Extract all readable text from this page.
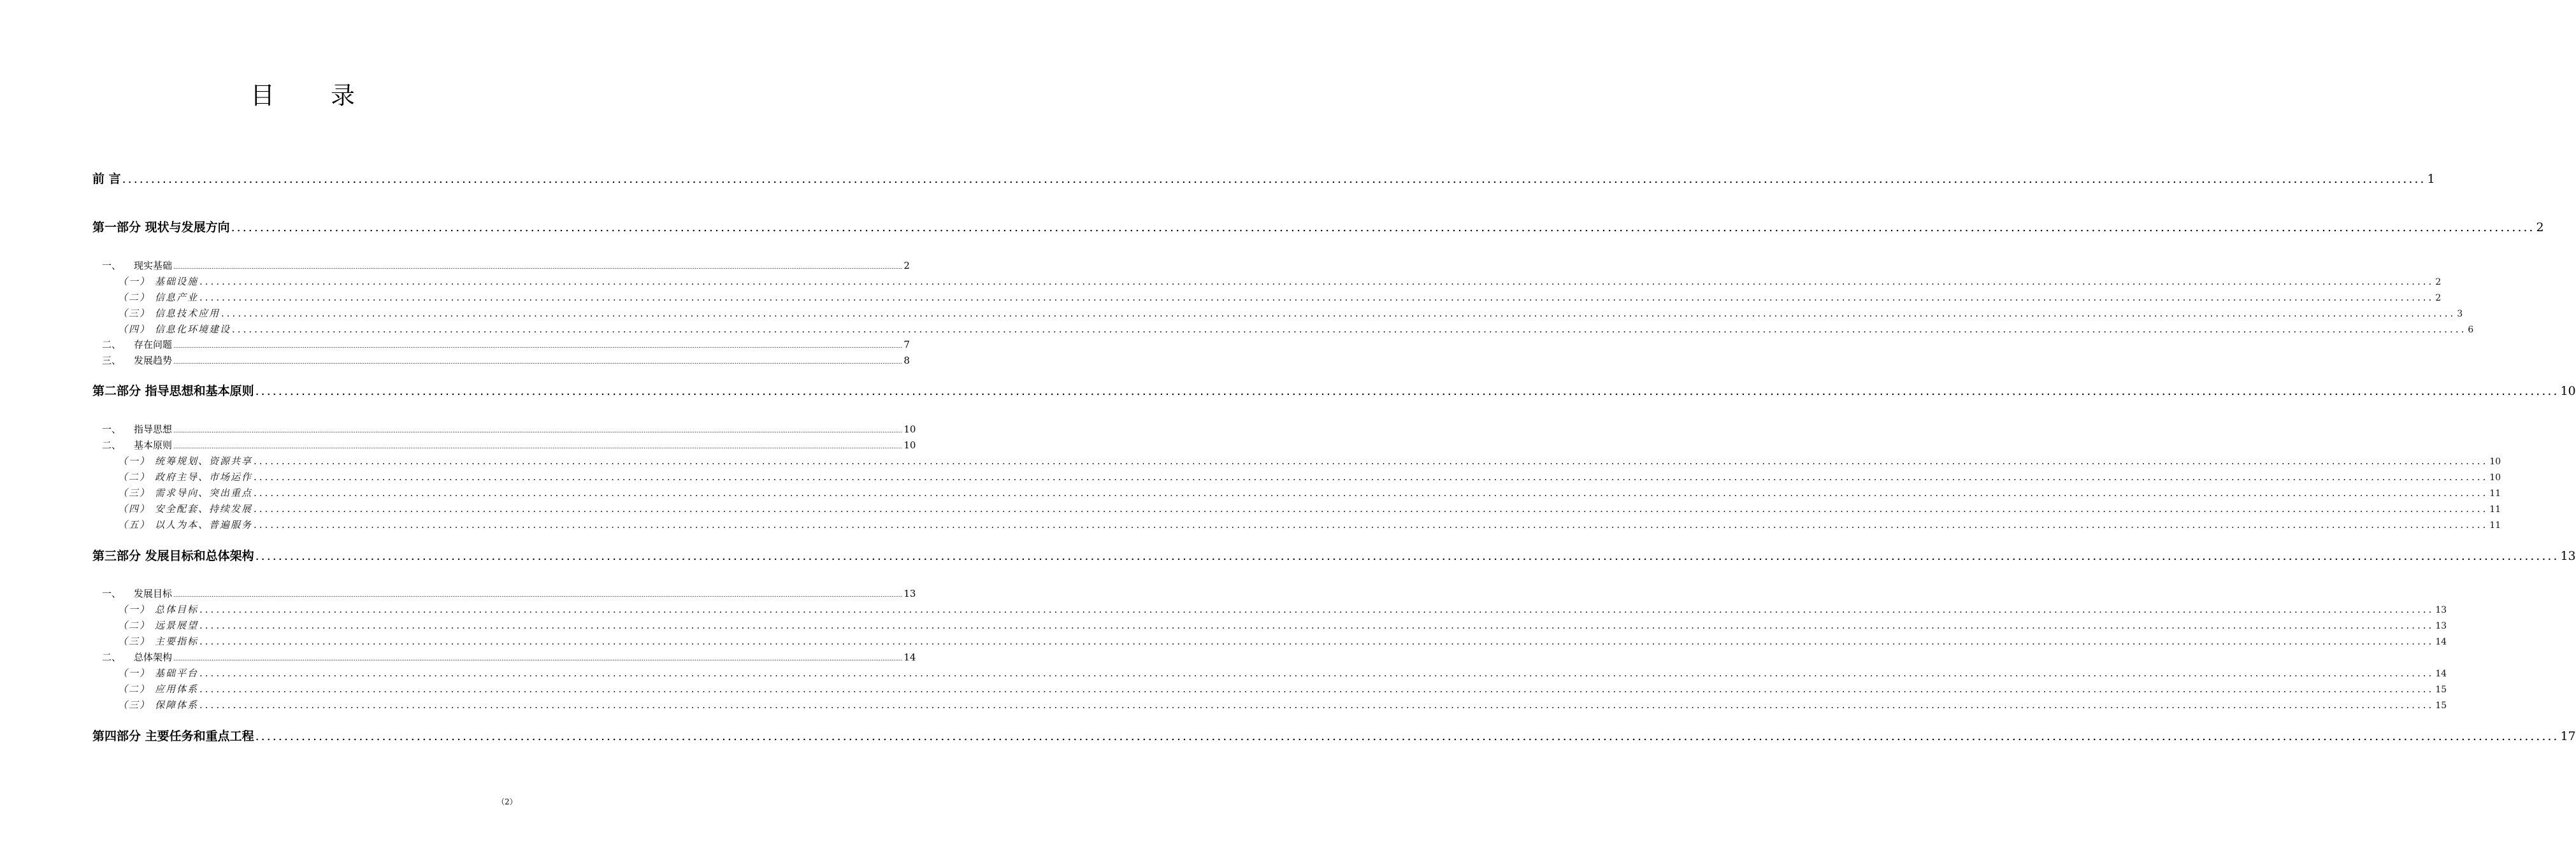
目 录
前 言 ................................................................................................................................................................................................................................................................................................................................................................................................................ 1
第一部分 现状与发展方向 ................................................................................................................................................................................................................................................................................................................................................................................................................ 2
一、 现实基础 ................................................................................................................................................................................................................................................................................................................................................................................................................ 2
（一） 基础设施 ................................................................................................................................................................................................................................................................................................................................................................................................................ 2
（二） 信息产业 ................................................................................................................................................................................................................................................................................................................................................................................................................ 2
（三） 信息技术应用 ................................................................................................................................................................................................................................................................................................................................................................................................................ 3
（四） 信息化环境建设 ................................................................................................................................................................................................................................................................................................................................................................................................................ 6
二、 存在问题 ................................................................................................................................................................................................................................................................................................................................................................................................................ 7
三、 发展趋势 ................................................................................................................................................................................................................................................................................................................................................................................................................ 8
第二部分 指导思想和基本原则 ................................................................................................................................................................................................................................................................................................................................................................................................................ 10
一、 指导思想 ................................................................................................................................................................................................................................................................................................................................................................................................................ 10
二、 基本原则 ................................................................................................................................................................................................................................................................................................................................................................................................................ 10
（一） 统筹规划、资源共享 ................................................................................................................................................................................................................................................................................................................................................................................................................ 10
（二） 政府主导、市场运作 ................................................................................................................................................................................................................................................................................................................................................................................................................ 10
（三） 需求导向、突出重点 ................................................................................................................................................................................................................................................................................................................................................................................................................ 11
（四） 安全配套、持续发展 ................................................................................................................................................................................................................................................................................................................................................................................................................ 11
（五） 以人为本、普遍服务 ................................................................................................................................................................................................................................................................................................................................................................................................................ 11
第三部分 发展目标和总体架构 ................................................................................................................................................................................................................................................................................................................................................................................................................ 13
一、 发展目标 ................................................................................................................................................................................................................................................................................................................................................................................................................ 13
（一） 总体目标 ................................................................................................................................................................................................................................................................................................................................................................................................................ 13
（二） 远景展望 ................................................................................................................................................................................................................................................................................................................................................................................................................ 13
（三） 主要指标 ................................................................................................................................................................................................................................................................................................................................................................................................................ 14
二、 总体架构 ................................................................................................................................................................................................................................................................................................................................................................................................................ 14
（一） 基础平台 ................................................................................................................................................................................................................................................................................................................................................................................................................ 14
（二） 应用体系 ................................................................................................................................................................................................................................................................................................................................................................................................................ 15
（三） 保障体系 ................................................................................................................................................................................................................................................................................................................................................................................................................ 15
第四部分 主要任务和重点工程 ................................................................................................................................................................................................................................................................................................................................................................................................................ 17
（2）
